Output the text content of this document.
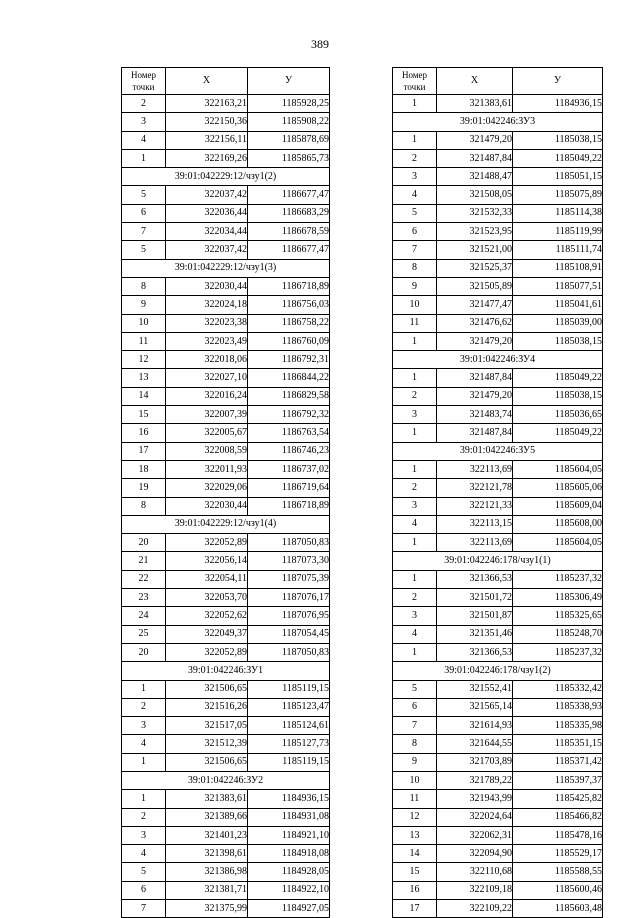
389
Номер
точки	X	У
2	322163,21	1185928,25
3	322150,36	1185908,22
4	322156,11	1185878,69
1	322169,26	1185865,73
39:01:042229:12/чзу1(2)		
5	322037,42	1186677,47
6	322036,44	1186683,29
7	322034,44	1186678,59
5	322037,42	1186677,47
39:01:042229:12/чзу1(3)		
8	322030,44	1186718,89
9	322024,18	1186756,03
10	322023,38	1186758,22
11	322023,49	1186760,09
12	322018,06	1186792,31
13	322027,10	1186844,22
14	322016,24	1186829,58
15	322007,39	1186792,32
16	322005,67	1186763,54
17	322008,59	1186746,23
18	322011,93	1186737,02
19	322029,06	1186719,64
8	322030,44	1186718,89
39:01:042229:12/чзу1(4)		
20	322052,89	1187050,83
21	322056,14	1187073,30
22	322054,11	1187075,39
23	322053,70	1187076,17
24	322052,62	1187076,95
25	322049,37	1187054,45
20	322052,89	1187050,83
39:01:042246:ЗУ1		
1	321506,65	1185119,15
2	321516,26	1185123,47
3	321517,05	1185124,61
4	321512,39	1185127,73
1	321506,65	1185119,15
39:01:042246:ЗУ2		
1	321383,61	1184936,15
2	321389,66	1184931,08
3	321401,23	1184921,10
4	321398,61	1184918,08
5	321386,98	1184928,05
6	321381,71	1184922,10
7	321375,99	1184927,05
Номер
точки	X	У
1	321383,61	1184936,15
39:01:042246:ЗУ3		
1	321479,20	1185038,15
2	321487,84	1185049,22
3	321488,47	1185051,15
4	321508,05	1185075,89
5	321532,33	1185114,38
6	321523,95	1185119,99
7	321521,00	1185111,74
8	321525,37	1185108,91
9	321505,89	1185077,51
10	321477,47	1185041,61
11	321476,62	1185039,00
1	321479,20	1185038,15
39:01:042246:ЗУ4		
1	321487,84	1185049,22
2	321479,20	1185038,15
3	321483,74	1185036,65
1	321487,84	1185049,22
39:01:042246:ЗУ5		
1	322113,69	1185604,05
2	322121,78	1185605,06
3	322121,33	1185609,04
4	322113,15	1185608,00
1	322113,69	1185604,05
39:01:042246:178/чзу1(1)		
1	321366,53	1185237,32
2	321501,72	1185306,49
3	321501,87	1185325,65
4	321351,46	1185248,70
1	321366,53	1185237,32
39:01:042246:178/чзу1(2)		
5	321552,41	1185332,42
6	321565,14	1185338,93
7	321614,93	1185335,98
8	321644,55	1185351,15
9	321703,89	1185371,42
10	321789,22	1185397,37
11	321943,99	1185425,82
12	322024,64	1185466,82
13	322062,31	1185478,16
14	322094,90	1185529,17
15	322110,68	1185588,55
16	322109,18	1185600,46
17	322109,22	1185603,48
